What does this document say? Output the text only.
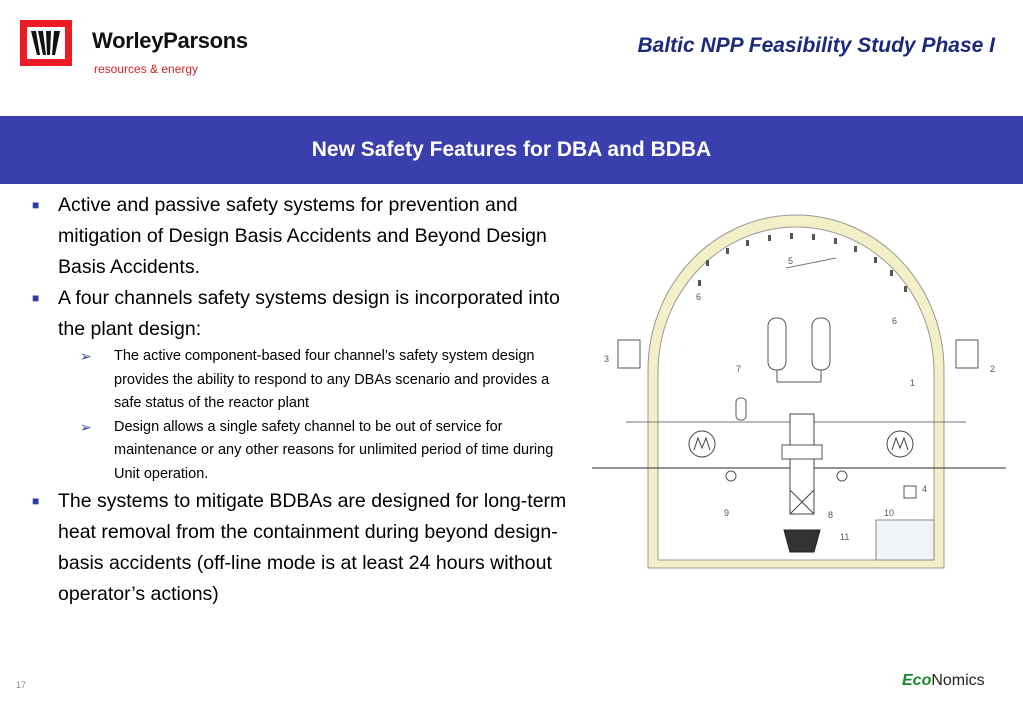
WorleyParsons
resources & energy
Baltic NPP Feasibility Study Phase I
New Safety Features for DBA and BDBA

■ Active and passive safety systems for prevention and mitigation of Design Basis Accidents and Beyond Design Basis Accidents.

■ A four channels safety systems design is incorporated into the plant design:

➢ The active component-based four channel’s safety system design provides the ability to respond to any DBAs scenario and provides a safe status of the reactor plant

➢ Design allows a single safety channel to be out of service for maintenance or any other reasons for unlimited period of time during Unit operation.

■ The systems to mitigate BDBAs are designed for long-term heat removal from the containment during beyond design-basis accidents (off-line mode is at least 24 hours without operator’s actions)

1
2
3
4
5
6
6
7
8
9	10
11
17	EcoNomics
